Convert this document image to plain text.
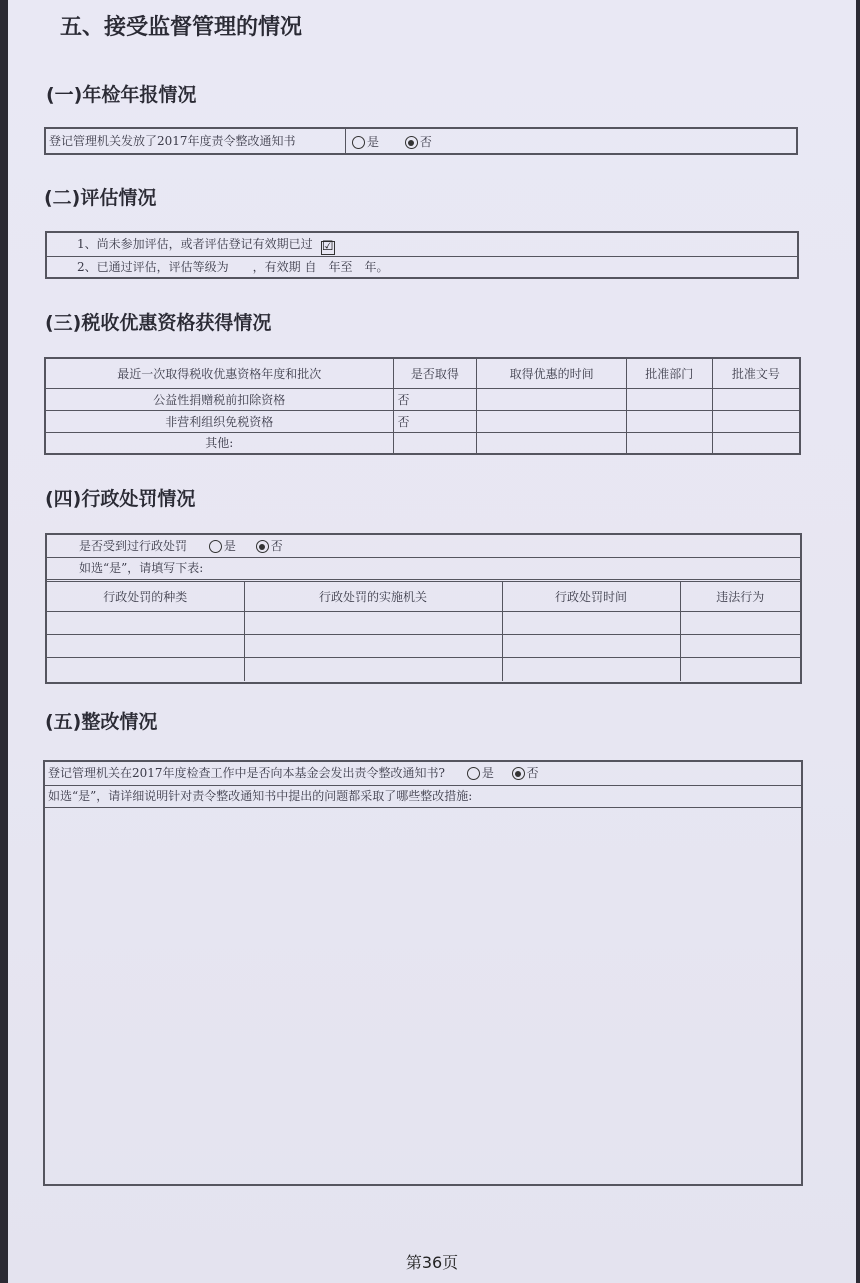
五、接受监督管理的情况
(一)年检年报情况
登记管理机关发放了2017年度责令整改通知书	是	否
(二)评估情况
1、尚未参加评估，或者评估登记有效期已过 ☑
2、已通过评估，评估等级为　　，有效期 自　年至　年。
(三)税收优惠资格获得情况
最近一次取得税收优惠资格年度和批次	是否取得	取得优惠的时间	批准部门	批准文号
公益性捐赠税前扣除资格	否			
非营利组织免税资格	否			
其他:				
(四)行政处罚情况
是否受到过行政处罚	是	否
如选“是”，请填写下表:
行政处罚的种类	行政处罚的实施机关	行政处罚时间	违法行为

(五)整改情况
登记管理机关在2017年度检查工作中是否向本基金会发出责令整改通知书?	是	否
如选“是”，请详细说明针对责令整改通知书中提出的问题都采取了哪些整改措施:
第36页
